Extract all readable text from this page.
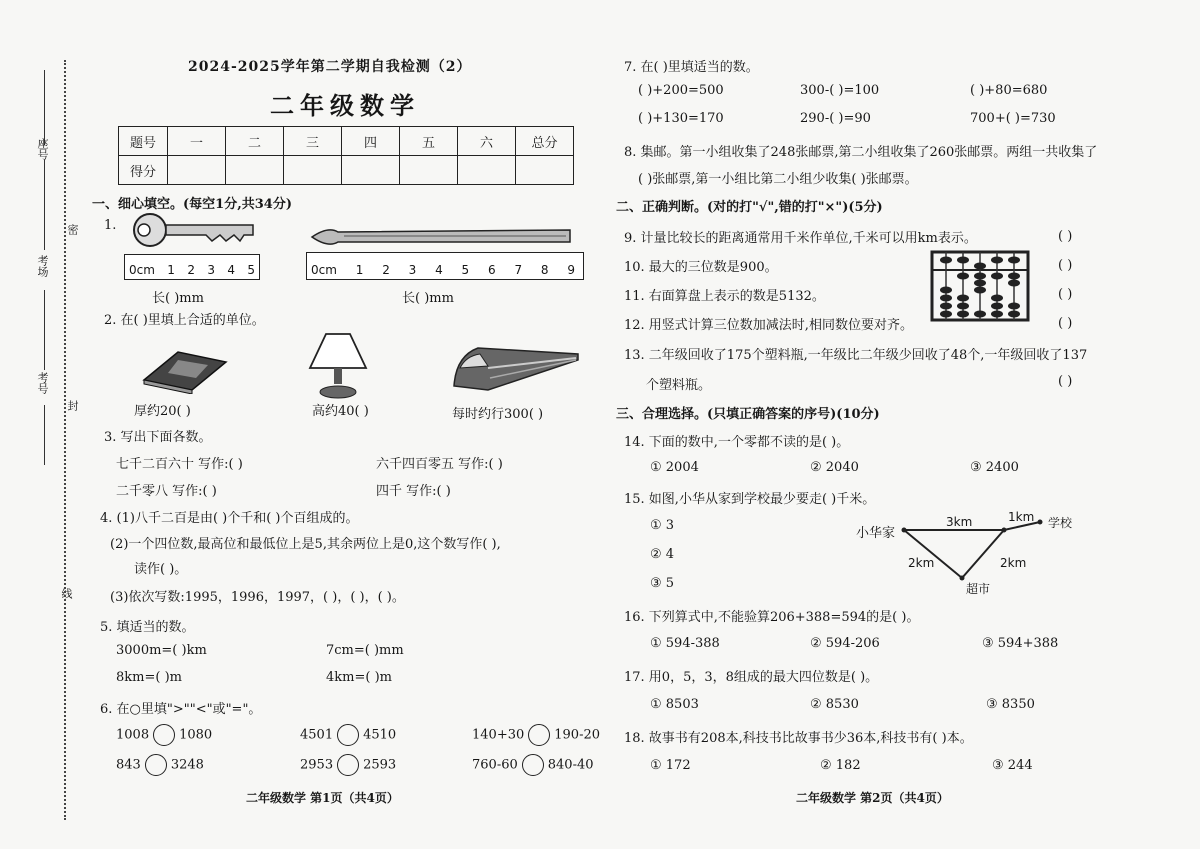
座号
考场
考号
密
封
线
2024-2025学年第二学期自我检测（2）
二年级数学
题号	一	二	三	四	五	六	总分
得分							
一、细心填空。(每空1分,共34分)
1.
0cm 1 2 3 4 5
长( )mm
0cm 1 2 3 4 5 6 7 8 9
长( )mm
2. 在( )里填上合适的单位。
厚约20( )	高约40( )	每时约行300( )
3. 写出下面各数。
七千二百六十 写作:( )	六千四百零五 写作:( )
二千零八 写作:( )	四千 写作:( )
4. (1)八千二百是由( )个千和( )个百组成的。
(2)一个四位数,最高位和最低位上是5,其余两位上是0,这个数写作( ),
读作( )。
(3)依次写数:1995，1996，1997，( )，( )，( )。
5. 填适当的数。
3000m=( )km	7cm=( )mm
8km=( )m	4km=( )m
6. 在○里填">""<"或"="。
1008 1080	4501 4510	140+30 190-20
843 3248	2953 2593	760-60 840-40
二年级数学 第1页（共4页）
7. 在( )里填适当的数。
( )+200=500	300-( )=100	( )+80=680
( )+130=170	290-( )=90	700+( )=730
8. 集邮。第一小组收集了248张邮票,第二小组收集了260张邮票。两组一共收集了
( )张邮票,第一小组比第二小组少收集( )张邮票。
二、正确判断。(对的打"√",错的打"×")(5分)
9. 计量比较长的距离通常用千米作单位,千米可以用km表示。	( )
10. 最大的三位数是900。	( )
11. 右面算盘上表示的数是5132。	( )
12. 用竖式计算三位数加减法时,相同数位要对齐。	( )
13. 二年级回收了175个塑料瓶,一年级比二年级少回收了48个,一年级回收了137
个塑料瓶。	( )
三、合理选择。(只填正确答案的序号)(10分)
14. 下面的数中,一个零都不读的是( )。
① 2004	② 2040	③ 2400
15. 如图,小华从家到学校最少要走( )千米。
① 3
② 4
③ 5
小华家
学校
超市
3km	1km
2km	2km
16. 下列算式中,不能验算206+388=594的是( )。
① 594-388	② 594-206	③ 594+388
17. 用0，5，3，8组成的最大四位数是( )。
① 8503	② 8530	③ 8350
18. 故事书有208本,科技书比故事书少36本,科技书有( )本。
① 172	② 182	③ 244
二年级数学 第2页（共4页）
